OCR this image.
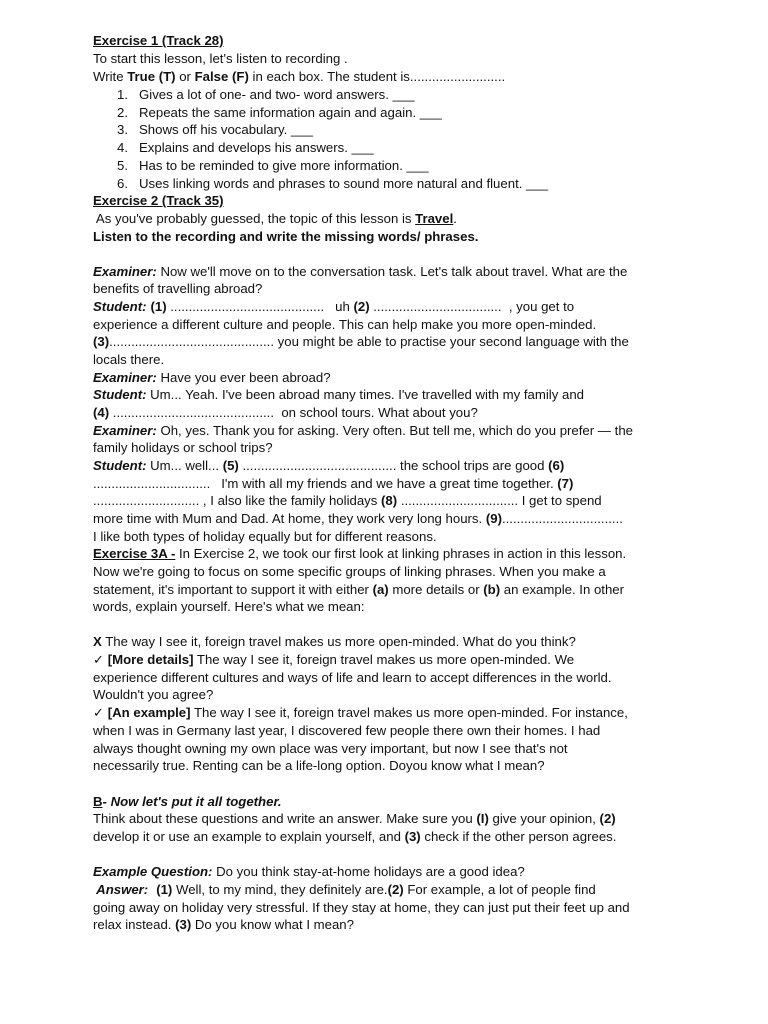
Exercise 1 (Track 28)
To start this lesson, let's listen to recording .
Write True (T) or False (F) in each box. The student is..........................
1. Gives a lot of one- and two- word answers. ___
2. Repeats the same information again and again. ___
3. Shows off his vocabulary. ___
4. Explains and develops his answers. ___
5. Has to be reminded to give more information. ___
6. Uses linking words and phrases to sound more natural and fluent. ___
Exercise 2 (Track 35)
As you've probably guessed, the topic of this lesson is Travel.
Listen to the recording and write the missing words/ phrases.
Examiner: Now we'll move on to the conversation task. Let's talk about travel. What are the
benefits of travelling abroad?
Student: (1) ..........................................   uh (2) ...................................  , you get to
experience a different culture and people. This can help make you more open-minded.
(3)............................................. you might be able to practise your second language with the
locals there.
Examiner: Have you ever been abroad?
Student: Um... Yeah. I've been abroad many times. I've travelled with my family and
(4) ............................................  on school tours. What about you?
Examiner: Oh, yes. Thank you for asking. Very often. But tell me, which do you prefer — the
family holidays or school trips?
Student: Um... well... (5) .......................................... the school trips are good (6)
................................   I'm with all my friends and we have a great time together. (7)
............................. , I also like the family holidays (8) ................................ I get to spend
more time with Mum and Dad. At home, they work very long hours. (9).................................
I like both types of holiday equally but for different reasons.
Exercise 3A - In Exercise 2, we took our first look at linking phrases in action in this lesson.
Now we're going to focus on some specific groups of linking phrases. When you make a
statement, it's important to support it with either (a) more details or (b) an example. In other
words, explain yourself. Here's what we mean:
X The way I see it, foreign travel makes us more open-minded. What do you think?
✓ [More details] The way I see it, foreign travel makes us more open-minded. We
experience different cultures and ways of life and learn to accept differences in the world.
Wouldn't you agree?
✓ [An example] The way I see it, foreign travel makes us more open-minded. For instance,
when I was in Germany last year, I discovered few people there own their homes. I had
always thought owning my own place was very important, but now I see that's not
necessarily true. Renting can be a life-long option. Doyou know what I mean?
B- Now let's put it all together.
Think about these questions and write an answer. Make sure you (I) give your opinion, (2)
develop it or use an example to explain yourself, and (3) check if the other person agrees.
Example Question: Do you think stay-at-home holidays are a good idea?
Answer: (1) Well, to my mind, they definitely are.(2) For example, a lot of people find
going away on holiday very stressful. If they stay at home, they can just put their feet up and
relax instead. (3) Do you know what I mean?
